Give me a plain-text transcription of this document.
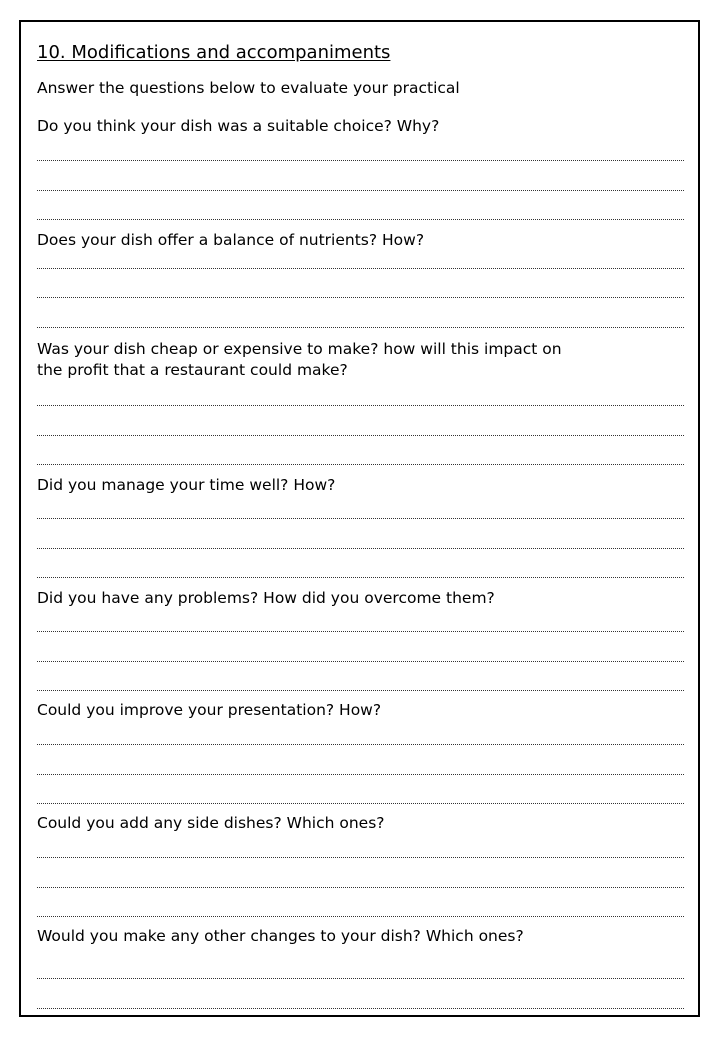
10. Modifications and accompaniments
Answer the questions below to evaluate your practical
Do you think your dish was a suitable choice? Why?
Does your dish offer a balance of nutrients? How?
Was your dish cheap or expensive to make? how will this impact on
the profit that a restaurant could make?
Did you manage your time well? How?
Did you have any problems? How did you overcome them?
Could you improve your presentation? How?
Could you add any side dishes? Which ones?
Would you make any other changes to your dish? Which ones?
